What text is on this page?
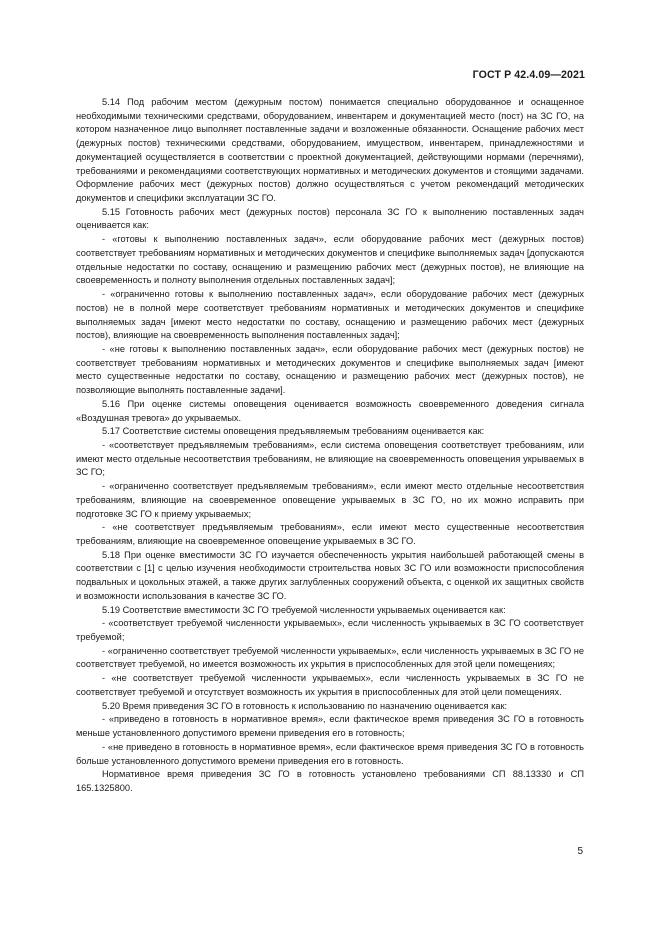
ГОСТ Р 42.4.09—2021

5.14 Под рабочим местом (дежурным постом) понимается специально оборудованное и оснащенное необходимыми техническими средствами, оборудованием, инвентарем и документацией место (пост) на ЗС ГО, на котором назначенное лицо выполняет поставленные задачи и возложенные обязанности. Оснащение рабочих мест (дежурных постов) техническими средствами, оборудованием, имуществом, инвентарем, принадлежностями и документацией осуществляется в соответствии с проектной документацией, действующими нормами (перечнями), требованиями и рекомендациями соответствующих нормативных и методических документов и стоящими задачами. Оформление рабочих мест (дежурных постов) должно осуществляться с учетом рекомендаций методических документов и специфики эксплуатации ЗС ГО.

5.15 Готовность рабочих мест (дежурных постов) персонала ЗС ГО к выполнению поставленных задач оценивается как:

- «готовы к выполнению поставленных задач», если оборудование рабочих мест (дежурных постов) соответствует требованиям нормативных и методических документов и специфике выполняемых задач [допускаются отдельные недостатки по составу, оснащению и размещению рабочих мест (дежурных постов), не влияющие на своевременность и полноту выполнения отдельных поставленных задач];

- «ограниченно готовы к выполнению поставленных задач», если оборудование рабочих мест (дежурных постов) не в полной мере соответствует требованиям нормативных и методических документов и специфике выполняемых задач [имеют место недостатки по составу, оснащению и размещению рабочих мест (дежурных постов), влияющие на своевременность выполнения поставленных задач];

- «не готовы к выполнению поставленных задач», если оборудование рабочих мест (дежурных постов) не соответствует требованиям нормативных и методических документов и специфике выполняемых задач [имеют место существенные недостатки по составу, оснащению и размещению рабочих мест (дежурных постов), не позволяющие выполнять поставленные задачи].

5.16 При оценке системы оповещения оценивается возможность своевременного доведения сигнала «Воздушная тревога» до укрываемых.

5.17 Соответствие системы оповещения предъявляемым требованиям оценивается как:

- «соответствует предъявляемым требованиям», если система оповещения соответствует требованиям, или имеют место отдельные несоответствия требованиям, не влияющие на своевременность оповещения укрываемых в ЗС ГО;

- «ограниченно соответствует предъявляемым требованиям», если имеют место отдельные несоответствия требованиям, влияющие на своевременное оповещение укрываемых в ЗС ГО, но их можно исправить при подготовке ЗС ГО к приему укрываемых;

- «не соответствует предъявляемым требованиям», если имеют место существенные несоответствия требованиям, влияющие на своевременное оповещение укрываемых в ЗС ГО.

5.18 При оценке вместимости ЗС ГО изучается обеспеченность укрытия наибольшей работающей смены в соответствии с [1] с целью изучения необходимости строительства новых ЗС ГО или возможности приспособления подвальных и цокольных этажей, а также других заглубленных сооружений объекта, с оценкой их защитных свойств и возможности использования в качестве ЗС ГО.

5.19 Соответствие вместимости ЗС ГО требуемой численности укрываемых оценивается как:

- «соответствует требуемой численности укрываемых», если численность укрываемых в ЗС ГО соответствует требуемой;

- «ограниченно соответствует требуемой численности укрываемых», если численность укрываемых в ЗС ГО не соответствует требуемой, но имеется возможность их укрытия в приспособленных для этой цели помещениях;

- «не соответствует требуемой численности укрываемых», если численность укрываемых в ЗС ГО не соответствует требуемой и отсутствует возможность их укрытия в приспособленных для этой цели помещениях.

5.20 Время приведения ЗС ГО в готовность к использованию по назначению оценивается как:

- «приведено в готовность в нормативное время», если фактическое время приведения ЗС ГО в готовность меньше установленного допустимого времени приведения его в готовность;

- «не приведено в готовность в нормативное время», если фактическое время приведения ЗС ГО в готовность больше установленного допустимого времени приведения его в готовность.

Нормативное время приведения ЗС ГО в готовность установлено требованиями СП 88.13330 и СП 165.1325800.

5
